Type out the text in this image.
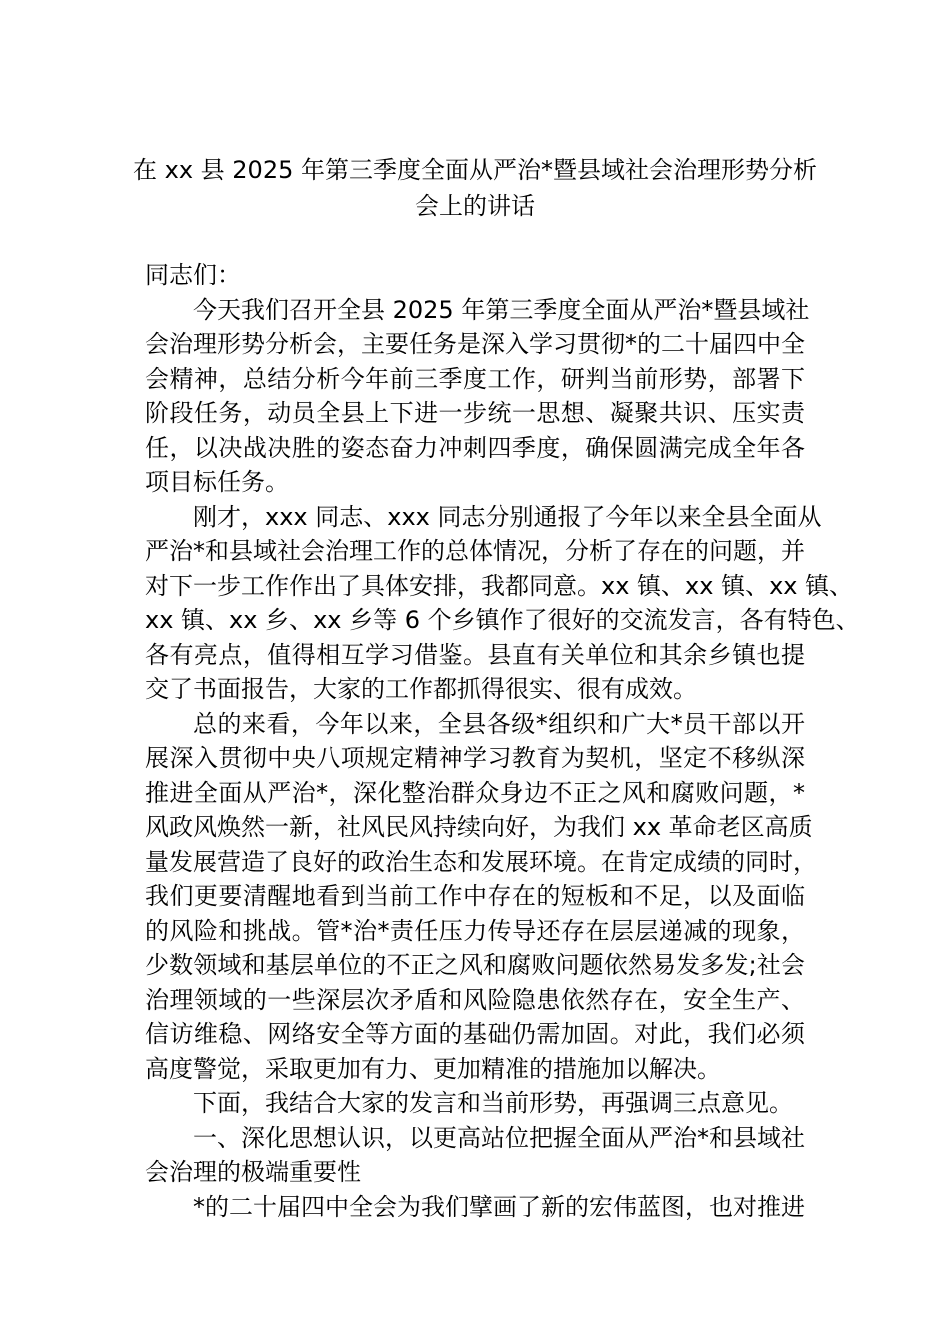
在 xx 县 2025 年第三季度全面从严治*暨县域社会治理形势分析
会上的讲话
同志们：
今天我们召开全县 2025 年第三季度全面从严治*暨县域社
会治理形势分析会，主要任务是深入学习贯彻*的二十届四中全
会精神，总结分析今年前三季度工作，研判当前形势，部署下
阶段任务，动员全县上下进一步统一思想、凝聚共识、压实责
任，以决战决胜的姿态奋力冲刺四季度，确保圆满完成全年各
项目标任务。
刚才，xxx 同志、xxx 同志分别通报了今年以来全县全面从
严治*和县域社会治理工作的总体情况，分析了存在的问题，并
对下一步工作作出了具体安排，我都同意。xx 镇、xx 镇、xx 镇、
xx 镇、xx 乡、xx 乡等 6 个乡镇作了很好的交流发言，各有特色、
各有亮点，值得相互学习借鉴。县直有关单位和其余乡镇也提
交了书面报告，大家的工作都抓得很实、很有成效。
总的来看，今年以来，全县各级*组织和广大*员干部以开
展深入贯彻中央八项规定精神学习教育为契机，坚定不移纵深
推进全面从严治*，深化整治群众身边不正之风和腐败问题，*
风政风焕然一新，社风民风持续向好，为我们 xx 革命老区高质
量发展营造了良好的政治生态和发展环境。在肯定成绩的同时，
我们更要清醒地看到当前工作中存在的短板和不足，以及面临
的风险和挑战。管*治*责任压力传导还存在层层递减的现象，
少数领域和基层单位的不正之风和腐败问题依然易发多发;社会
治理领域的一些深层次矛盾和风险隐患依然存在，安全生产、
信访维稳、网络安全等方面的基础仍需加固。对此，我们必须
高度警觉，采取更加有力、更加精准的措施加以解决。
下面，我结合大家的发言和当前形势，再强调三点意见。
一、深化思想认识，以更高站位把握全面从严治*和县域社
会治理的极端重要性
*的二十届四中全会为我们擘画了新的宏伟蓝图，也对推进
